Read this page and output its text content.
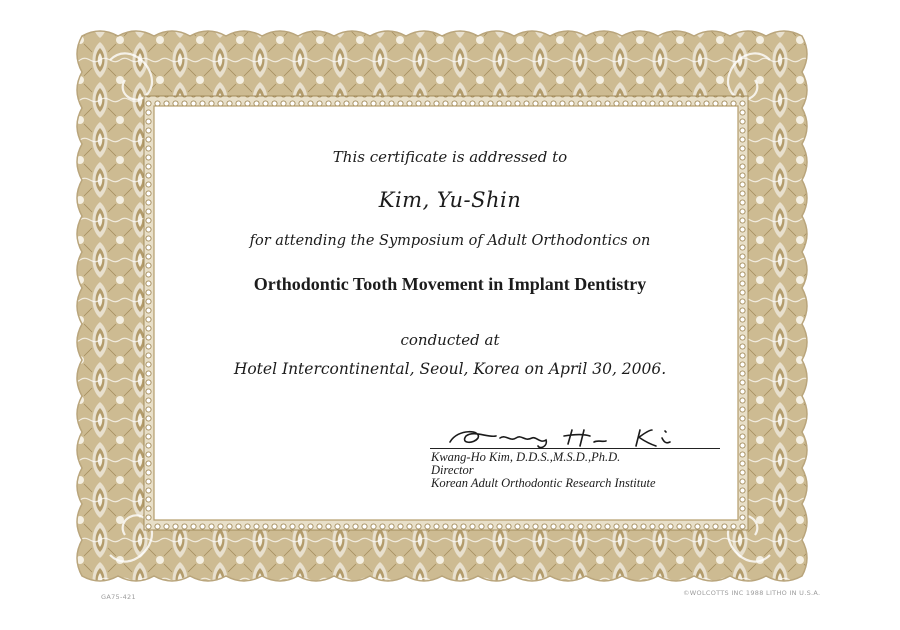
This certificate is addressed to
Kim, Yu-Shin
for attending the Symposium of Adult Orthodontics on
Orthodontic Tooth Movement in Implant Dentistry
conducted at
Hotel Intercontinental, Seoul, Korea on April 30, 2006.
Kwang-Ho Kim, D.D.S.,M.S.D.,Ph.D.
Director
Korean Adult Orthodontic Research Institute
GA75-421	©WOLCOTTS INC 1988 LITHO IN U.S.A.
